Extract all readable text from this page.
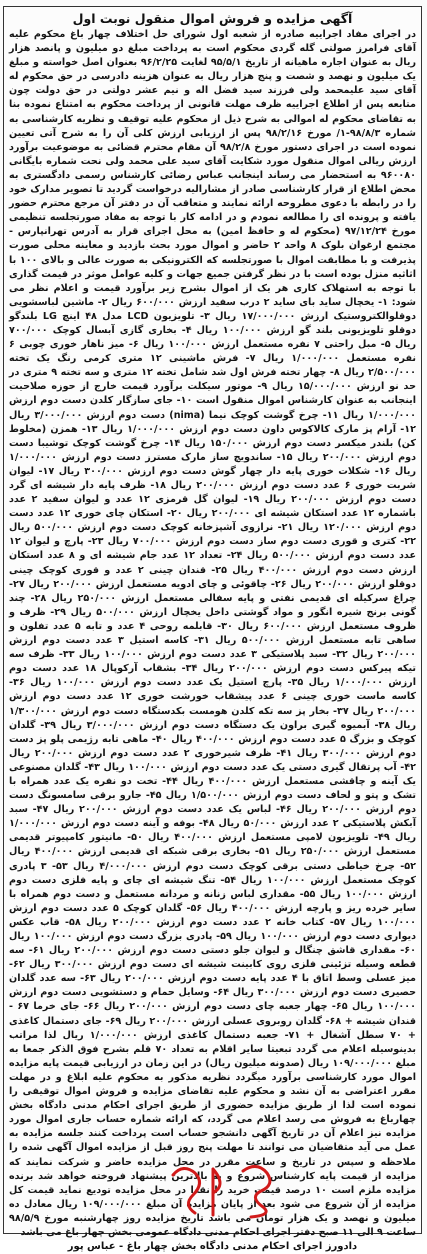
آگهی مزایده و فروش اموال منقول نوبت اول
در اجرای مفاد اجراییه صادره از شعبه اول شورای حل اختلاف چهار باغ محکوم علیه آقای فرامرز صولتی گله گردی محکوم است به پرداخت مبلغ دو میلیون و پانصد هزار ریال به عنوان اجاره ماهیانه از تاریخ ۹۵/۵/۱ لغایت ۹۶/۲/۲۵ بعنوان اصل خواسته و مبلغ یک میلیون و نهصد و شصت و پنج هزار ریال به عنوان هزینه دادرسی در حق محکوم له آقای سید علیمحمد ولی فرزند سید فضل اله و نیم عشر دولتی در حق دولت چون متابعه پس از اطلاع اجراییه ظرف مهلت قانونی از پرداخت محکوم به امتناع نموده بنا به تقاضای محکوم له اموالی به شرح ذیل از محکوم علیه توقیف و نظریه کارشناسی به شماره ۹۸/۸/۳-۱/ مورخ ۹۸/۲/۱۶ پس از ارزیابی ارزش کلی آن را به شرح آتی تعیین نموده است در اجرای دستور مورخ ۹۸/۲/۸ آن مقام محترم قضائی به موضوعیت برآورد ارزش ریالی اموال منقول مورد شکایت آقای سید علی محمد ولی نحت شماره بایگانی ۹۶۰۰۸۰ به استحضار می رساند اینجانب عباس رضائی کارشناس رسمی دادگستری به محض اطلاع از قرار کارشناسی صادر از مشارالیه درخواست گردید تا تصویر مدارک خود را در رابطه با دعوی مطروحه ارائه نمایند و متعاقب آن در دفتر آن مرجع محترم حضور یافته و پرونده ای را مطالعه نمودم و در ادامه کار با توجه به مفاد صورتجلسه تنظیمی مورخ ۹۷/۱۲/۲۴ (محکوم له و حافظ امین) به محل اجرای قرار به آدرس تهرانپارس - مجتمع ارغوان بلوک ۸ واحد ۲ حاضر و اموال مورد بحث بازدید و معاینه محلی صورت پذیرفت و با مطابقت اموال با صورتجلسه که الکترونیکی به صورت عالی و بالای ۱۰۰ با اثاثیه منزل بوده است با در نظر گرفتن جمیع جهات و کلیه عوامل موثر در قیمت گذاری با توجه به استهلاک کاری هر یک از اموال بشرح زیر برآورد قیمت و اعلام نظر می شود: ۱- یخچال ساید بای ساید ۲ درب سفید ارزش ۶۰۰/۰۰۰ ریال ۲- ماشین لباسشویی دوقلوالکتروستیک ارزش ۱۷/۰۰۰/۰۰۰ ریال ۳- تلویزیون LCD مدل ۴۸ اینچ LG بلندگو دوقلو تلویزیونی بلند گو ارزش ۱۰۰/۰۰۰ ریال ۴- بخاری گازی آبسال کوچک ۷۰۰/۰۰۰ ریال ۵- مبل راحتی ۷ نفره مستعمل ارزش ۱۰۰/۰۰۰ ریال ۶- میز ناهار خوری چوبی ۶ نفره مستعمل ۱/۰۰۰/۰۰۰ ریال ۷- فرش ماشینی ۱۲ متری کرمی رنگ یک تخته ۲/۵۰۰/۰۰۰ ریال ۸- چهار تخته فرش اول شد شامل تخته ۱۲ متری و سه تخته ۹ متری در حد نو ارزش ۱۵/۰۰۰/۰۰۰ ریال ۹- موتور سیکلت برآورد قیمت خارج از حوزه صلاحیت اینجانب به عنوان کارشناس اموال منقول است ۱۰- جای سازگار کلدن دست دوم ارزش ۱/۰۰۰/۰۰۰ ریال ۱۱- چرخ گوشت کوچک نیما (nima) دست دوم ارزش ۳/۰۰۰/۰۰۰ ریال ۱۲- آرام پز مارک کالاکوس داون دست دوم ارزش ۱/۰۰۰/۰۰۰ ریال ۱۳- همزن (مخلوط کن) بلندر میکسر دست دوم ارزش ۱۵۰/۰۰۰ ریال ۱۴- چرخ گوشت کوچک توشیبا دست دوم ارزش ۲۰۰/۰۰۰ ریال ۱۵- ساندویچ ساز مارک مسترز دست دوم ارزش ۱/۰۰۰/۰۰۰ ریال ۱۶- شکلات خوری پایه دار چهار گوش دست دوم ارزش ۳۰۰/۰۰۰ ریال ۱۷- لیوان شربت خوری ۶ عدد دست دوم ارزش ۲۰۰/۰۰۰ ریال ۱۸- ظرف پایه دار شیشه ای گرد دست دوم ارزش ۲۰۰/۰۰۰ ریال ۱۹- لیوان گل قرمزی ۱۲ عدد و لیوان سفید ۲ عدد باشماره ۱۲ عدد استکان شیشه ای ۲۰۰/۰۰۰ ریال ۲۰- استکان چای خوری ۱۲ عدد دست دوم ارزش ۱۲۰/۰۰۰ ریال ۲۱- نرازوی آشپزخانه کوچک دست دوم ارزش ۵۰۰/۰۰۰ ریال ۲۲- کتری و قوری دست دوم ساز دست دوم ارزش ۷۰۰/۰۰۰ ریال ۲۳- پارچ و لیوان ۱۲ عدد دست دوم ارزش ۵۰۰/۰۰۰ ریال ۲۴- تعداد ۱۲ عدد جام شیشه ای و ۸ عدد استکان ارزش دست دوم ارزش ۴۰۰/۰۰۰ ریال ۲۵- قندان چینی ۲ عدد و قوری کوچک چینی دوقلو ارزش ۲۰۰/۰۰۰ ریال ۲۶- چاقوئی و چای ادویه مستعمل ارزش ۲۰۰/۰۰۰ ریال ۲۷- چراغ سرکیله ای قدیمی نفتی و پایه سفالی مستعمل ارزش ۲۵۰/۰۰۰ ریال ۲۸- چند گونی برنج شیره انگور و مواد گوشتی داخل یخچال ارزش ۵۰۰/۰۰۰ ریال ۲۹- ظرف و ظروف مستعمل ارزش ۶۰۰/۰۰۰ ریال ۳۰- قابلمه روحی ۴ عدد و تابه ۵ عدد تفلون و ساهی تابه مستعمل ارزش ۵۰۰/۰۰۰ ریال ۳۱- کاسه استیل ۳ عدد دست دوم ارزش ۲۰۰/۰۰۰ ریال ۳۲- سبد پلاستیکی ۳ عدد دست دوم ارزش ۱۰۰/۰۰۰ ریال ۳۳- ظرف سه تیکه پیرکس دست دوم ارزش ۲۰۰/۰۰۰ ریال ۳۴- بشقاب آرکوپال ۱۸ عدد دست دوم ارزش ۱/۰۰۰/۰۰۰ ریال ۳۵- پارچ استیل یک عدد دست دوم ارزش ۱۰۰/۰۰۰ ریال ۳۶- کاسه ماست خوری چینی ۶ عدد پیشقاب خورشت خوری ۱۲ عدد دست دوم ارزش ۲۰۰/۰۰۰ ریال ۳۷- بخار پز سه تکه کلدن هومست بکدستگاه دست دوم ارزش ۱/۳۰۰/۰۰۰ ریال ۳۸- آبمیوه گیری براون یک دستگاه دست دوم ارزش ۳/۰۰۰/۰۰۰ ریال ۳۹- گلدان کوچک و بزرگ ۵ عدد دست دوم ارزش ۴۰۰/۰۰۰ ریال ۴۰- ماهی تابه رژیمی پلو پز دست دوم ارزش ۳۰۰/۰۰۰ ریال ۴۱- ظرف شیرخوری ۲ عدد دست دوم ارزش ۲۰۰/۰۰۰ ریال ۴۲- آب پرتقال گیری دستی یک عدد دست دوم ارزش ۱۰۰/۰۰۰ ریال ۴۳- گلدان مصنوعی یک آینه و چاقشی مستعمل ارزش ۴۰۰/۰۰۰ ریال ۴۴- تخت دو نفره یک عدد همراه با تشک و پتو و لحاف دست دوم ارزش ۱/۵۰۰/۰۰۰ ریال ۴۵- جارو برقی سامسونگ دست دوم ارزش ۲۰۰/۰۰۰ ریال ۴۶- لباس یک عدد دست دوم ارزش ۲۰۰/۰۰۰ ریال ۴۷- سبد آبکش پلاستیکی ۲ عدد ارزش ۵۰/۰۰۰ ریال ۴۸- بوفه و آینه دست دوم ارزش ۱/۰۰۰/۰۰۰ ریال ۴۹- تلویزیون لامپی مستعمل ارزش ۴۰۰/۰۰۰ ریال ۵۰- مانیتور کامپیوتر قدیمی مستعمل ارزش ۲۵۰/۰۰۰ ریال ۵۱- بخاری برقی شبکه ای قدیمی ارزش ۴۰۰/۰۰۰ ریال ۵۲- چرخ خیاطی دستی برقی کوچک دست دوم ارزش ۴/۰۰۰/۰۰۰ ریال ۵۳- ۳ پادری کوچک مستعمل ارزش ۱۰۰/۰۰۰ ریال ۵۴- تنگ شیشه ای چای و پایه فلزی دست دوم ارزش ۱۰۰/۰۰۰ ریال ۵۵- مقداری لباس زنانه و مردانه مستعمل و دست دوم همراه با سایر خرده ریز و پارچه ارزش ۴۰۰/۰۰۰ ریال ۵۶- گلدان کوچک ۵ عدد دست دوم ارزش ۱۰۰/۰۰۰ ریال ۵۷- کتاب خانه ۲ عدد دست دوم ارزش ۲۰۰/۰۰۰ ریال ۵۸- قاب عکس دیواری دست دوم ارزش ۱۰۰/۰۰۰ ریال ۵۹- پادری بزرگ دست دوم ارزش ۱۰۰/۰۰۰ ریال ۶۰- مقداری قاشق چنگال و لیوان جلو دستی دست دوم ارزش ۲۰۰/۰۰۰ ریال ۶۱- سه قطعه وسیله تزئینی فلزی روی کابینت شیشه ای دست دوم ارزش ۳۰۰/۰۰۰ ریال ۶۲- میز عسلی وسط اتاق با ۴ عدد پایه دست دوم ارزش ۲۰۰/۰۰۰ ریال ۶۳- سه عدد گلدان حصیری دست دوم ارزش ۳۰۰/۰۰۰ ریال ۶۴- وسایل حمام و دستشویی دست دوم ارزش ۱۰۰/۰۰۰ ریال ۶۵- چهار جعبه چای دست دوم ارزش ۲۰۰/۰۰۰ ریال ۶۶- جای خرما ۶۷ - قندان شیشه + ۶۸- گلدان روبروی عسلی ارزش ۲۰۰/۰۰۰ ریال ۶۹- جای دستمال کاغذی + ۷۰ سطل آشغال + ۷۱- جعبه دستمال کاغذی ارزش ۱/۰۰۰/۰۰۰ ریال لذا مراتب بدینوسیله اعلام می گردد تبعیتا سایر اقلام به تعداد ۷۰ قلم بشرح فوق الذکر جمعا به مبلغ ۱۰۹/۰۰۰/۰۰۰ ریال (صدونه میلیون ریال) در این زمان در ارزیابی قیمت پایه مزایده اموال مورد کارشناسی برآورد میگردد نظریه مذکور به محکوم علیه ابلاغ و در مهلت مقرر اعتراضی به آن نشد و محکوم علیه تقاضای مزایده و فروش اموال توقیفی را نموده است لذا از طریق مزایده حضوری از طریق اجرای احکام مدنی دادگاه بخش چهارباغ به فروش می رسد اعلام می گردد، که ارائه شماره حساب جاری اموال مورد مزایده نیز اعلام آن در تاریخ آگهی دانشجو حساب است پرداخت کنند جلسه مزایده به عمل می آید متقاضیان می توانند تا مهلت پنج روز قبل از مزایده اموال آگهی شده را ملاحظه و سپس در تاریخ و ساعت مقرر در محل مزایده حاضر و شرکت نمایند که مزایده از قیمت پایه کارشناس شروع و به بالاترین پیشنهاد فروخته خواهد شد برنده مزایده ملزم است ۱۰ درصد قیمت خرید را نقدا در محل مزایده تودیع نماید قیمت کل مزایده از آن شروع می شود بعد از پایان مزایده آن مبلغ ۱۰۹/۰۰۰/۰۰۰ ریال معادل ده میلیون و نهصد و یک هزار تومان می باشد تاریخ مزایده روز چهارشنبه مورخ ۹۸/۵/۹ ساعت ۹ الی ۱۱ صبح دفتر اجرای احکام مدنی دادگاه عمومی بخش چهار باغ می باشد
دادورز اجرای احکام مدنی دادگاه بخش چهار باغ - عباس پور
